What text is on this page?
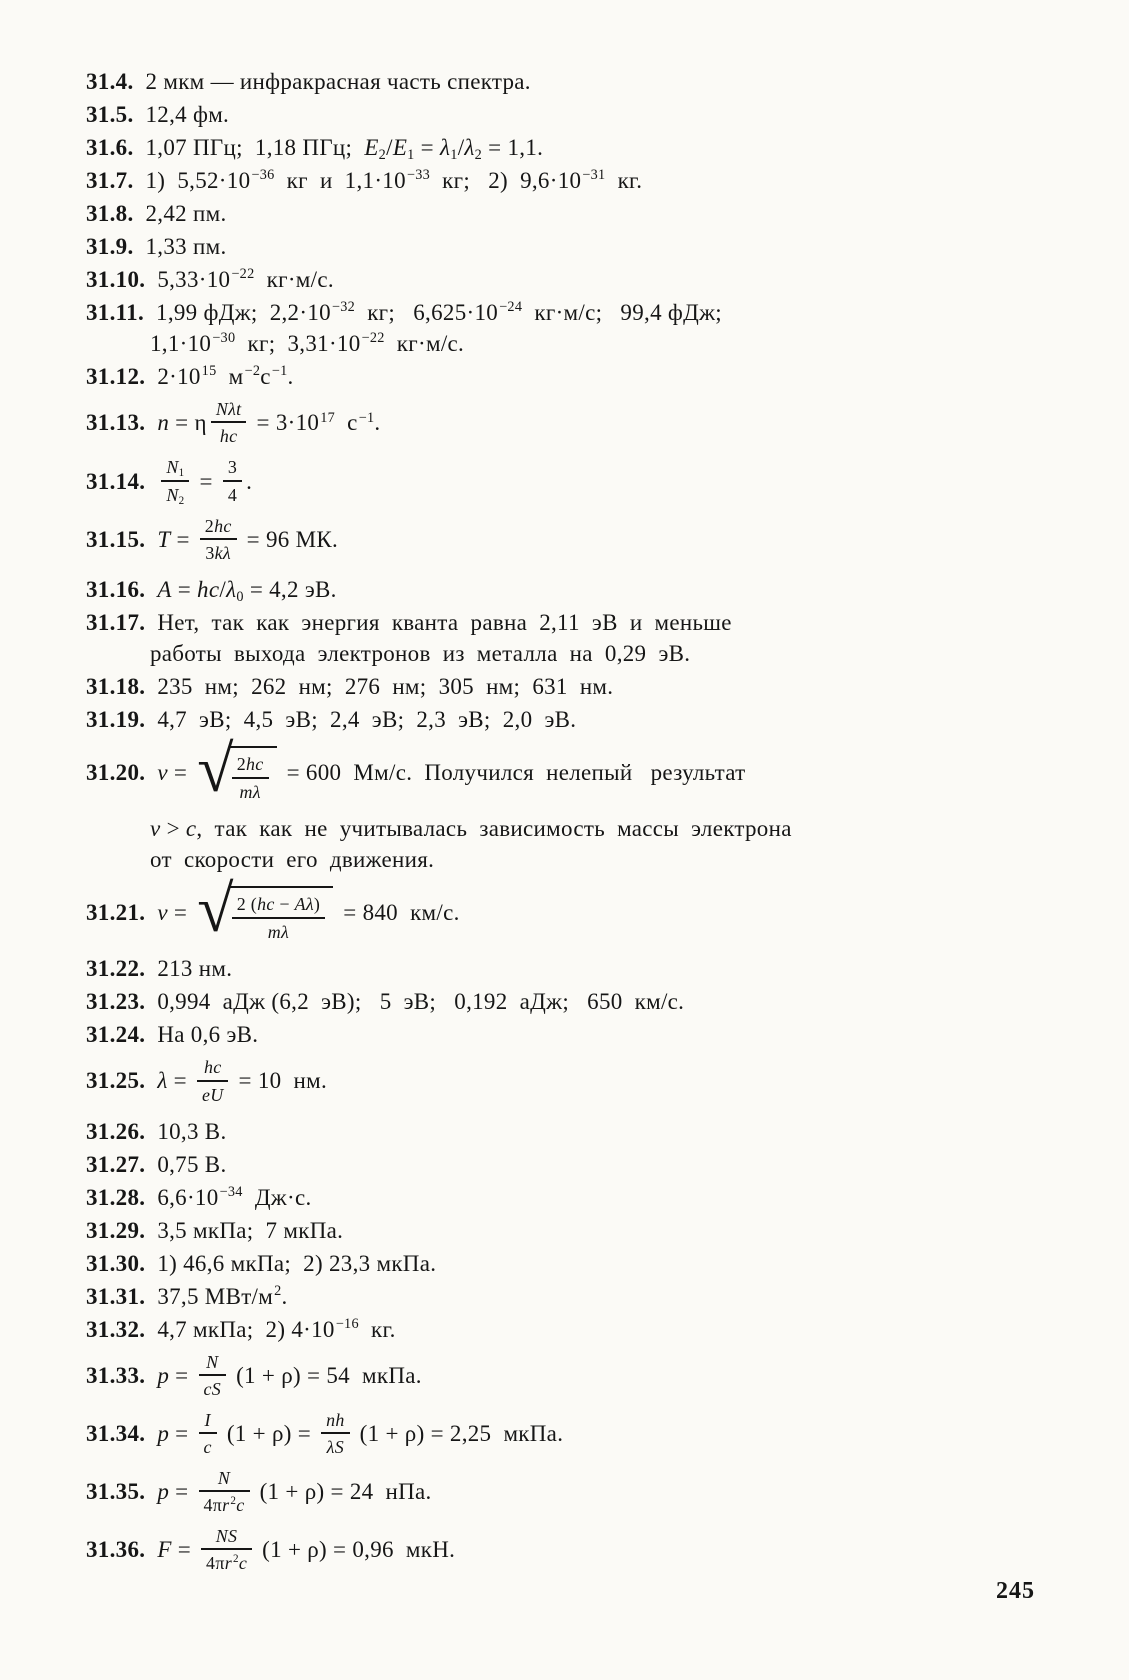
31.4. 2 мкм — инфракрасная часть спектра.
31.5. 12,4 фм.
31.6. 1,07 ПГц;  1,18 ПГц;  E2/E1 = λ1/λ2 = 1,1.
31.7. 1)  5,52·10−36  кг  и  1,1·10−33  кг;   2)  9,6·10−31  кг.
31.8. 2,42 пм.
31.9. 1,33 пм.
31.10. 5,33·10−22  кг·м/с.
31.11. 1,99 фДж;  2,2·10−32  кг;   6,625·10−24  кг·м/с;   99,4 фДж;
1,1·10−30  кг;  3,31·10−22  кг·м/с.
31.12. 2·1015  м−2с−1.
31.13. n = η $\frac{\text{Nλt}}{hc} = 3\cdot 1017$  с−1.
31.14. $\frac{N1}{N2} = \frac{3}{4}$ .
31.15. $T = \frac{2hc}{3k\lambda} = 96$ МК.
31.16. A = hc/λ0 = 4,2 эВ.
31.17. Нет,  так  как  энергия  кванта  равна  2,11  эВ  и  меньше
работы  выхода  электронов  из  металла  на  0,29  эВ.
31.18. 235  нм;  262  нм;  276  нм;  305  нм;  631  нм.
31.19. 4,7  эВ;  4,5  эВ;  2,4  эВ;  2,3  эВ;  2,0  эВ.
31.20. v = √
$\frac{2hc}{m\lambda} = 600$  Мм/с.  Получился  нелепый   результат
v > c,  так  как  не  учитывалась  зависимость  массы  электрона
от  скорости  его  движения.
31.21. v = √
$\frac{2 (hc - A\lambda)}{m\lambda} = 840$  км/с.
31.22. 213 нм.
31.23. 0,994  аДж (6,2  эВ);   5  эВ;   0,192  аДж;   650  км/с.
31.24. На 0,6 эВ.
31.25. $\lambda = \frac{hc}{eU} = 10$  нм.
31.26. 10,3 В.
31.27. 0,75 В.
31.28. 6,6·10−34  Дж·с.
31.29. 3,5 мкПа;  7 мкПа.
31.30. 1) 46,6 мкПа;  2) 23,3 мкПа.
31.31. 37,5 МВт/м2.
31.32. 4,7 мкПа;  2) 4·10−16  кг.
31.33. $p = \frac{N}{cS} (1 + \rho) = 54$  мкПа.
31.34. $p = \frac{I}{c} (1 + \rho) = \frac{nh}{\lambda S} (1 + \rho) = 2,25$  мкПа.
31.35. $p = \frac{N}{4\pi r2c} (1 + \rho) = 24$  нПа.
31.36. $F = \frac{NS}{4\pi r2c} (1 + \rho) = 0,96$  мкН.
245
